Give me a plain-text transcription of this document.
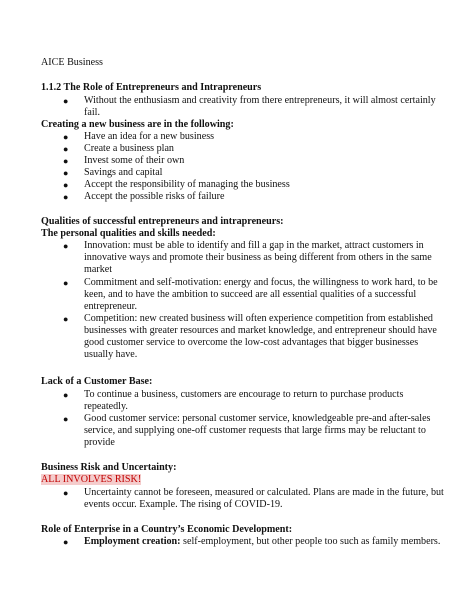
AICE Business
1.1.2 The Role of Entrepreneurs and Intrapreneurs
● Without the enthusiasm and creativity from there entrepreneurs, it will almost certainly
fail.
Creating a new business are in the following:
● Have an idea for a new business
● Create a business plan
● Invest some of their own
● Savings and capital
● Accept the responsibility of managing the business
● Accept the possible risks of failure
Qualities of successful entrepreneurs and intrapreneurs:
The personal qualities and skills needed:
● Innovation: must be able to identify and fill a gap in the market, attract customers in
innovative ways and promote their business as being different from others in the same
market
● Commitment and self-motivation: energy and focus, the willingness to work hard, to be
keen, and to have the ambition to succeed are all essential qualities of a successful
entrepreneur.
● Competition: new created business will often experience competition from established
businesses with greater resources and market knowledge, and entrepreneur should have
good customer service to overcome the low-cost advantages that bigger businesses
usually have.
Lack of a Customer Base:
● To continue a business, customers are encourage to return to purchase products
repeatedly.
● Good customer service: personal customer service, knowledgeable pre-and after-sales
service, and supplying one-off customer requests that large firms may be reluctant to
provide
Business Risk and Uncertainty:
ALL INVOLVES RISK!
● Uncertainty cannot be foreseen, measured or calculated. Plans are made in the future, but
events occur. Example. The rising of COVID-19.
Role of Enterprise in a Country’s Economic Development:
● Employment creation: self-employment, but other people too such as family members.
